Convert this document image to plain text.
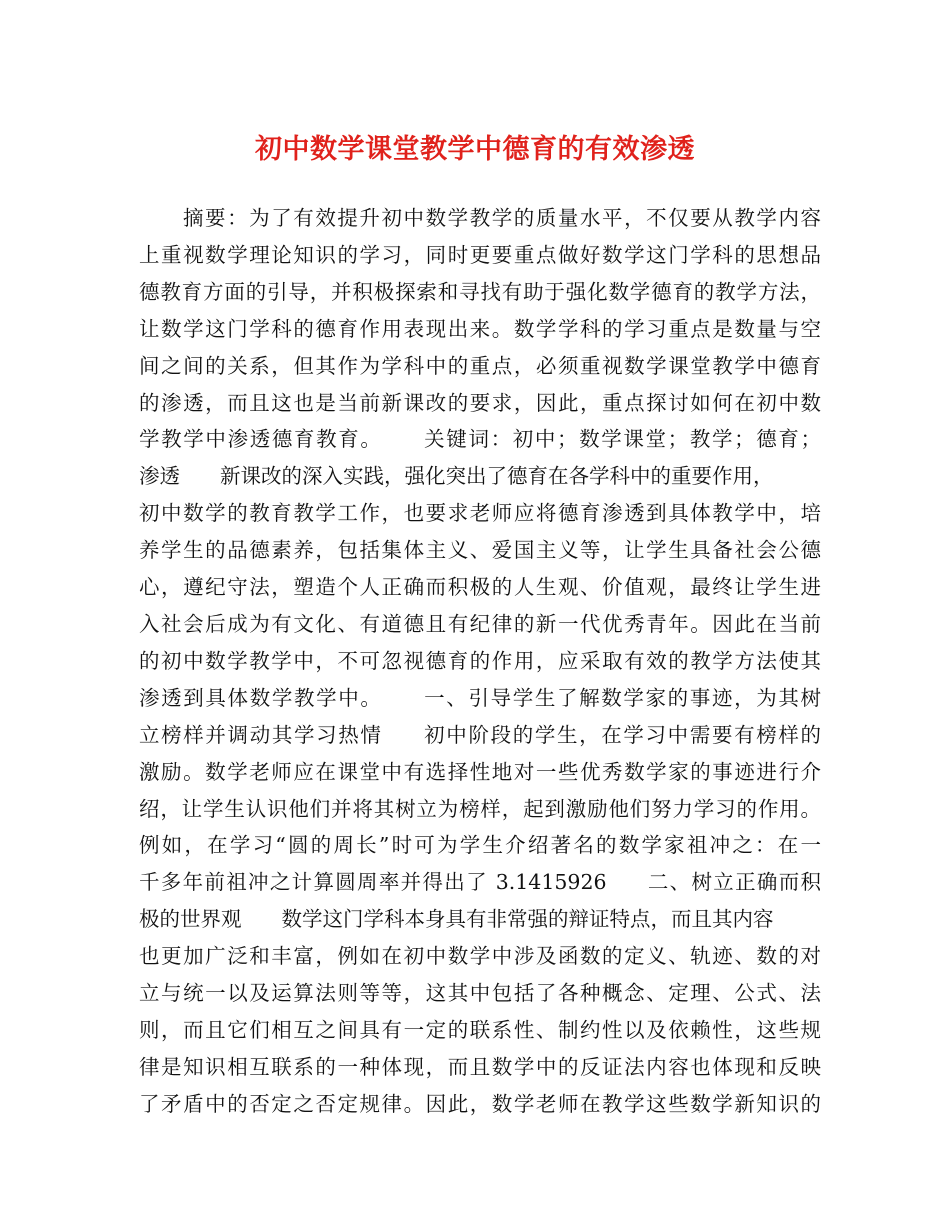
初中数学课堂教学中德育的有效渗透
摘要：为了有效提升初中数学教学的质量水平，不仅要从教学内容
上重视数学理论知识的学习，同时更要重点做好数学这门学科的思想品
德教育方面的引导，并积极探索和寻找有助于强化数学德育的教学方法，
让数学这门学科的德育作用表现出来。数学学科的学习重点是数量与空
间之间的关系，但其作为学科中的重点，必须重视数学课堂教学中德育
的渗透，而且这也是当前新课改的要求，因此，重点探讨如何在初中数
学教学中渗透德育教育。 关键词：初中；数学课堂；教学；德育；
渗透 新课改的深入实践，强化突出了德育在各学科中的重要作用，
初中数学的教育教学工作，也要求老师应将德育渗透到具体教学中，培
养学生的品德素养，包括集体主义、爱国主义等，让学生具备社会公德
心，遵纪守法，塑造个人正确而积极的人生观、价值观，最终让学生进
入社会后成为有文化、有道德且有纪律的新一代优秀青年。因此在当前
的初中数学教学中，不可忽视德育的作用，应采取有效的教学方法使其
渗透到具体数学教学中。 一、引导学生了解数学家的事迹，为其树
立榜样并调动其学习热情 初中阶段的学生，在学习中需要有榜样的
激励。数学老师应在课堂中有选择性地对一些优秀数学家的事迹进行介
绍，让学生认识他们并将其树立为榜样，起到激励他们努力学习的作用。
例如，在学习“圆的周长”时可为学生介绍著名的数学家祖冲之：在一
千多年前祖冲之计算圆周率并得出了 3.1415926 二、树立正确而积
极的世界观 数学这门学科本身具有非常强的辩证特点，而且其内容
也更加广泛和丰富，例如在初中数学中涉及函数的定义、轨迹、数的对
立与统一以及运算法则等等，这其中包括了各种概念、定理、公式、法
则，而且它们相互之间具有一定的联系性、制约性以及依赖性，这些规
律是知识相互联系的一种体现，而且数学中的反证法内容也体现和反映
了矛盾中的否定之否定规律。因此，数学老师在教学这些数学新知识的
